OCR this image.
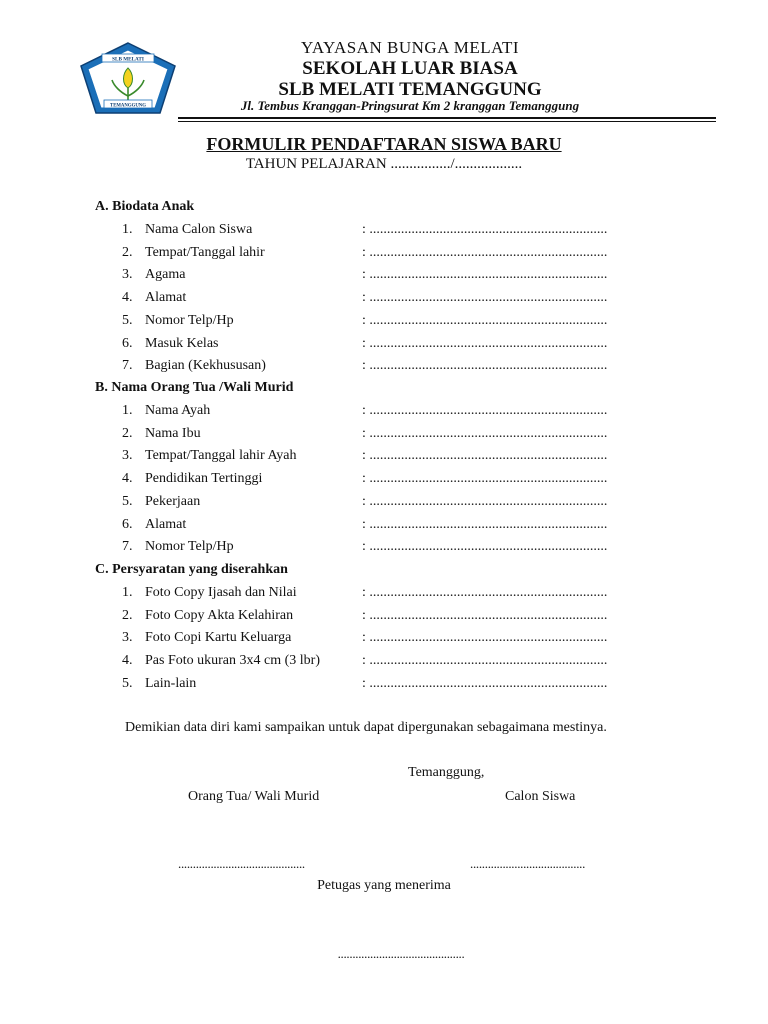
SLB MELATI
TEMANGGUNG
YAYASAN BUNGA MELATI
SEKOLAH LUAR BIASA
SLB MELATI TEMANGGUNG
Jl. Tembus Kranggan-Pringsurat Km 2 kranggan Temanggung
FORMULIR PENDAFTARAN SISWA BARU
TAHUN PELAJARAN ................/..................
A. Biodata Anak
1. Nama Calon Siswa	: ....................................................................
2. Tempat/Tanggal lahir	: ....................................................................
3. Agama	: ....................................................................
4. Alamat	: ....................................................................
5. Nomor Telp/Hp	: ....................................................................
6. Masuk Kelas	: ....................................................................
7. Bagian (Kekhususan)	: ....................................................................
B. Nama Orang Tua /Wali Murid
1. Nama Ayah	: ....................................................................
2. Nama Ibu	: ....................................................................
3. Tempat/Tanggal lahir Ayah	: ....................................................................
4. Pendidikan Tertinggi	: ....................................................................
5. Pekerjaan	: ....................................................................
6. Alamat	: ....................................................................
7. Nomor Telp/Hp	: ....................................................................
C. Persyaratan yang diserahkan
1. Foto Copy Ijasah dan Nilai	: ....................................................................
2. Foto Copy Akta Kelahiran	: ....................................................................
3. Foto Copi Kartu Keluarga	: ....................................................................
4. Pas Foto ukuran 3x4 cm (3 lbr)	: ....................................................................
5. Lain-lain	: ....................................................................
Demikian data diri kami sampaikan untuk dapat dipergunakan sebagaimana mestinya.
Temanggung,
Orang Tua/ Wali Murid	Calon Siswa
...........................................	.......................................
Petugas yang menerima
...........................................
